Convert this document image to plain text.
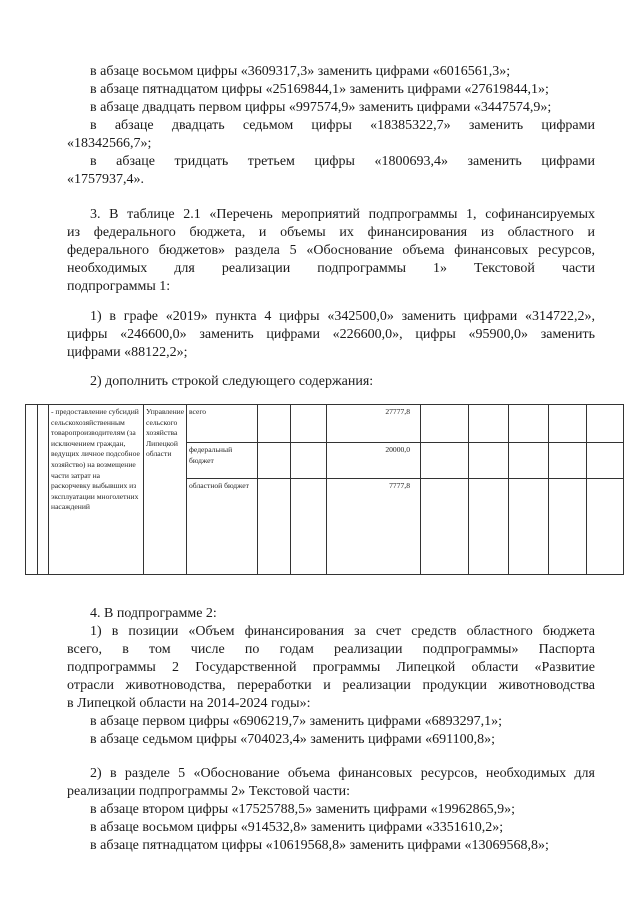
в абзаце восьмом цифры «3609317,3» заменить цифрами «6016561,3»;
в абзаце пятнадцатом цифры «25169844,1» заменить цифрами «27619844,1»;
в абзаце двадцать первом цифры «997574,9» заменить цифрами «3447574,9»;
в абзаце двадцать седьмом цифры «18385322,7» заменить цифрами
«18342566,7»;
в абзаце тридцать третьем цифры «1800693,4» заменить цифрами
«1757937,4».
3. В таблице 2.1 «Перечень мероприятий подпрограммы 1, софинансируемых
из федерального бюджета, и объемы их финансирования из областного и
федерального бюджетов» раздела 5 «Обоснование объема финансовых ресурсов,
необходимых для реализации подпрограммы 1» Текстовой части
подпрограммы 1:
1) в графе «2019» пункта 4 цифры «342500,0» заменить цифрами «314722,2»,
цифры «246600,0» заменить цифрами «226600,0», цифры «95900,0» заменить
цифрами «88122,2»;
2) дополнить строкой следующего содержания:
		- предоставление субсидий сельскохозяйственным товаропроизводителям (за исключением граждан, ведущих личное подсобное хозяйство) на возмещение части затрат на раскорчевку выбывших из эксплуатации многолетних насаждений	Управление сельского хозяйства Липецкой области	всего			27777,8					
				федеральный бюджет			20000,0					
				областной бюджет			7777,8					
4. В подпрограмме 2:
1) в позиции «Объем финансирования за счет средств областного бюджета
всего, в том числе по годам реализации подпрограммы» Паспорта
подпрограммы 2 Государственной программы Липецкой области «Развитие
отрасли животноводства, переработки и реализации продукции животноводства
в Липецкой области на 2014-2024 годы»:
в абзаце первом цифры «6906219,7» заменить цифрами «6893297,1»;
в абзаце седьмом цифры «704023,4» заменить цифрами «691100,8»;
2) в разделе 5 «Обоснование объема финансовых ресурсов, необходимых для
реализации подпрограммы 2» Текстовой части:
в абзаце втором цифры «17525788,5» заменить цифрами «19962865,9»;
в абзаце восьмом цифры «914532,8» заменить цифрами «3351610,2»;
в абзаце пятнадцатом цифры «10619568,8» заменить цифрами «13069568,8»;
